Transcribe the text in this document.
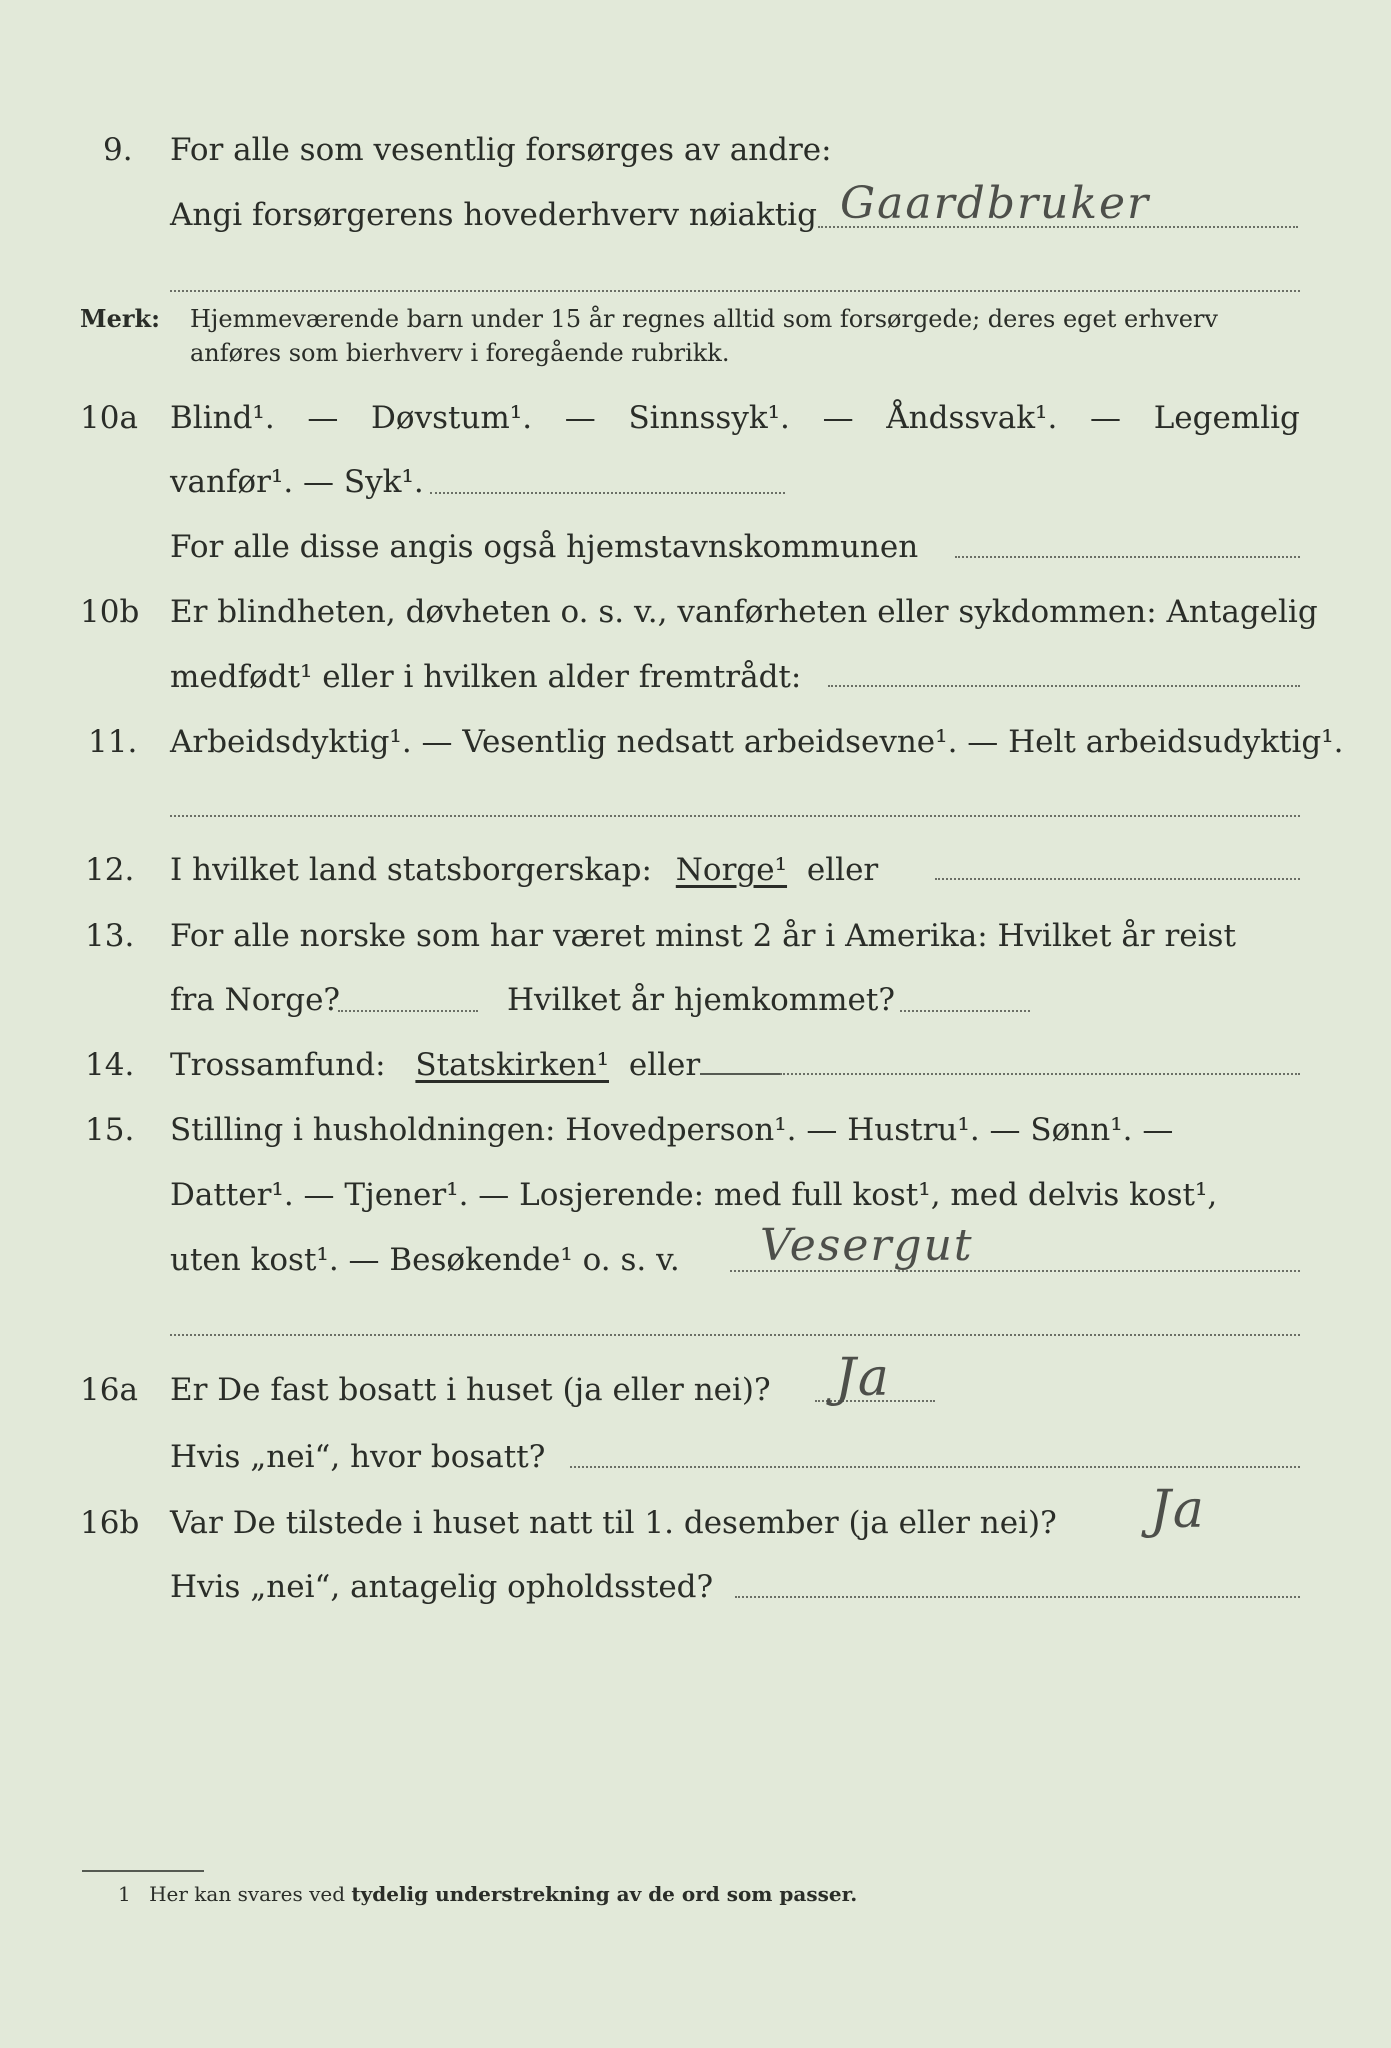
9. For alle som vesentlig forsørges av andre:
Angi forsørgerens hovederhverv nøiaktig Gaardbruker
Merk: Hjemmeværende barn under 15 år regnes alltid som forsørgede; deres eget erhverv
anføres som bierhverv i foregående rubrikk.
10a Blind¹. — Døvstum¹. — Sinnssyk¹. — Åndssvak¹. — Legemlig
vanfør¹. — Syk¹.
For alle disse angis også hjemstavnskommunen
10b Er blindheten, døvheten o. s. v., vanførheten eller sykdommen: Antagelig
medfødt¹ eller i hvilken alder fremtrådt:
11. Arbeidsdyktig¹. — Vesentlig nedsatt arbeidsevne¹. — Helt arbeidsudyktig¹.
12. I hvilket land statsborgerskap: Norge¹ eller
13. For alle norske som har været minst 2 år i Amerika: Hvilket år reist
fra Norge?	Hvilket år hjemkommet?
14. Trossamfund: Statskirken¹ eller
15. Stilling i husholdningen: Hovedperson¹. — Hustru¹. — Sønn¹. —
Datter¹. — Tjener¹. — Losjerende: med full kost¹, med delvis kost¹,
uten kost¹. — Besøkende¹ o. s. v. Vesergut
16a Er De fast bosatt i huset (ja eller nei)? Ja
Hvis „nei“, hvor bosatt?
16b Var De tilstede i huset natt til 1. desember (ja eller nei)? Ja
Hvis „nei“, antagelig opholdssted?
1 Her kan svares ved tydelig understrekning av de ord som passer.
